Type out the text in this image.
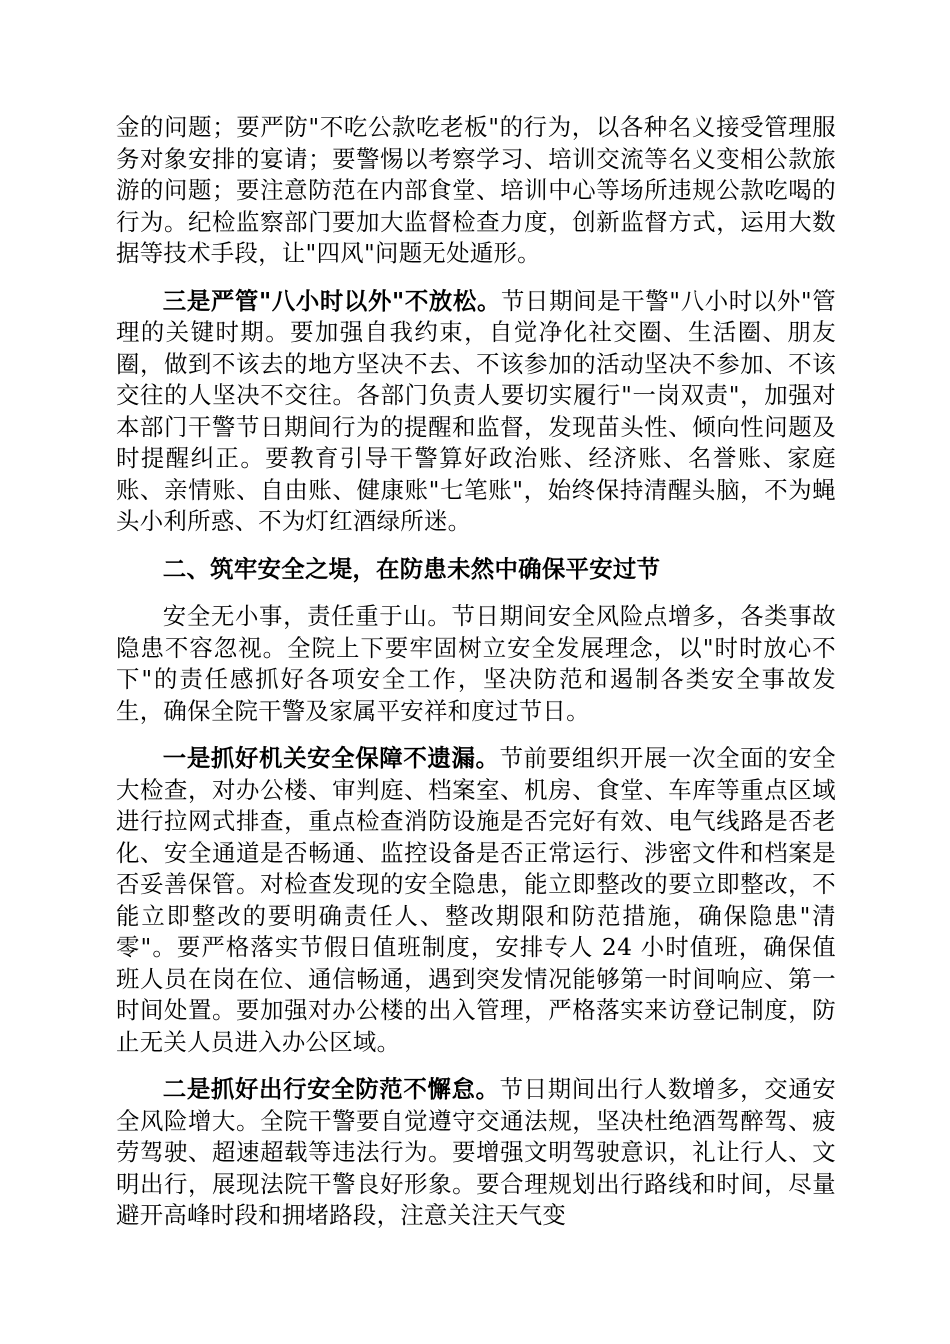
金的问题；要严防"不吃公款吃老板"的行为，以各种名义接受管理服务对象安排的宴请；要警惕以考察学习、培训交流等名义变相公款旅游的问题；要注意防范在内部食堂、培训中心等场所违规公款吃喝的行为。纪检监察部门要加大监督检查力度，创新监督方式，运用大数据等技术手段，让"四风"问题无处遁形。

三是严管"八小时以外"不放松。节日期间是干警"八小时以外"管理的关键时期。要加强自我约束，自觉净化社交圈、生活圈、朋友圈，做到不该去的地方坚决不去、不该参加的活动坚决不参加、不该交往的人坚决不交往。各部门负责人要切实履行"一岗双责"，加强对本部门干警节日期间行为的提醒和监督，发现苗头性、倾向性问题及时提醒纠正。要教育引导干警算好政治账、经济账、名誉账、家庭账、亲情账、自由账、健康账"七笔账"，始终保持清醒头脑，不为蝇头小利所惑、不为灯红酒绿所迷。

二、筑牢安全之堤，在防患未然中确保平安过节

安全无小事，责任重于山。节日期间安全风险点增多，各类事故隐患不容忽视。全院上下要牢固树立安全发展理念，以"时时放心不下"的责任感抓好各项安全工作，坚决防范和遏制各类安全事故发生，确保全院干警及家属平安祥和度过节日。

一是抓好机关安全保障不遗漏。节前要组织开展一次全面的安全大检查，对办公楼、审判庭、档案室、机房、食堂、车库等重点区域进行拉网式排查，重点检查消防设施是否完好有效、电气线路是否老化、安全通道是否畅通、监控设备是否正常运行、涉密文件和档案是否妥善保管。对检查发现的安全隐患，能立即整改的要立即整改，不能立即整改的要明确责任人、整改期限和防范措施，确保隐患"清零"。要严格落实节假日值班制度，安排专人 24 小时值班，确保值班人员在岗在位、通信畅通，遇到突发情况能够第一时间响应、第一时间处置。要加强对办公楼的出入管理，严格落实来访登记制度，防止无关人员进入办公区域。

二是抓好出行安全防范不懈怠。节日期间出行人数增多，交通安全风险增大。全院干警要自觉遵守交通法规，坚决杜绝酒驾醉驾、疲劳驾驶、超速超载等违法行为。要增强文明驾驶意识，礼让行人、文明出行，展现法院干警良好形象。要合理规划出行路线和时间，尽量避开高峰时段和拥堵路段，注意关注天气变
